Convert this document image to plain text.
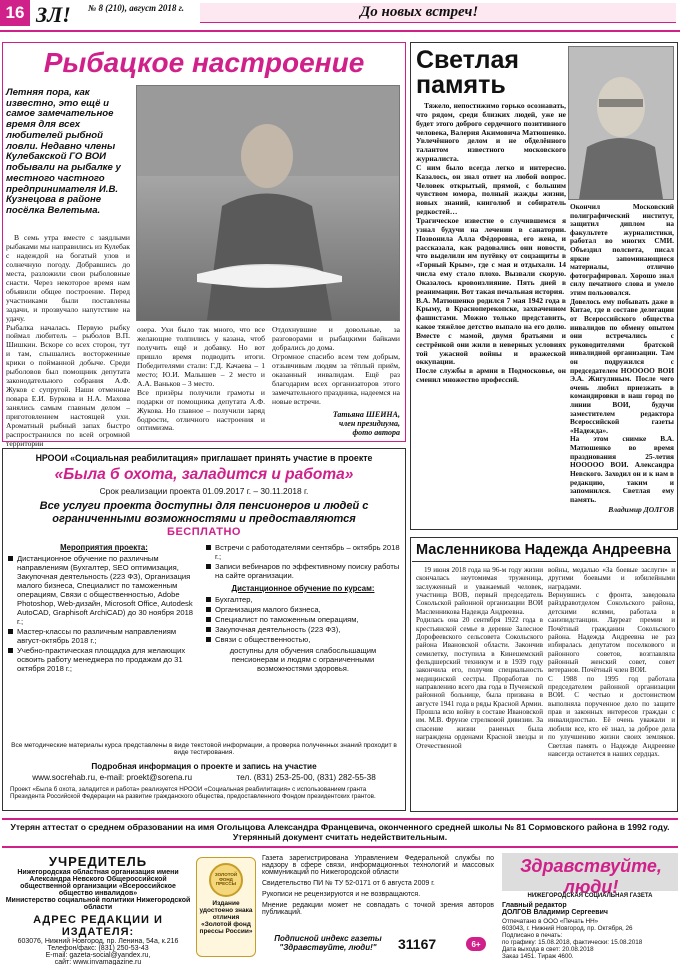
16 ЗЛ! № 8 (210), август 2018 г.	До новых встреч!
Рыбацкое настроение
Летняя пора, как известно, это ещё и самое замечательное время для всех любителей рыбной ловли. Недавно члены Кулебакской ГО ВОИ побывали на рыбалке у местного частного предпринимателя И.В. Кузнецова в районе посёлка Велетьма.

В семь утра вместе с заядлыми рыбаками мы направились из Кулебак с надеждой на богатый улов и солнечную погоду. Добравшись до места, разложили свои рыболовные снасти. Через некоторое время нам объявили общее построение. Перед участниками были поставлены задачи, и прозвучало напутствие на удачу.
Рыбалка началась. Первую рыбку поймал любитель – рыболов В.П. Шишкин. Вскоре со всех сторон, тут и там, слышались восторженные крики о пойманной добыче. Среди рыболовов был помощник депутата законодательного собрания А.Ф. Жуков с супругой. Наши отменные повара Е.И. Буркова и Н.А. Махова занялись самым главным делом – приготовлением настоящей ухи. Ароматный рыбный запах быстро распространился по всей огромной территории

озера. Ухи было так много, что все желающие толпились у казана, чтоб получить ещё и добавку. Но вот пришло время подводить итоги. Победителями стали: Г.Д. Качаева – 1 место; Ю.И. Малышев – 2 место и А.А. Ваньков – 3 место.
Все призёры получили грамоты и подарки от помощника депутата А.Ф. Жукова. Но главное – получили заряд бодрости, отличного настроения и оптимизма.

Отдохнувшие и довольные, за разговорами и рыбацкими байками добрались до дома.
Огромное спасибо всем тем добрым, отзывчивым людям за тёплый приём, оказанный инвалидам. Ещё раз благодарим всех организаторов этого замечательного праздника, надеемся на новые встречи.

Татьяна ШЕИНА,
член президиума,
фото автора

Светлая память

Тяжело, непостижимо горько осознавать, что рядом, среди близких людей, уже не будет этого доброго сердечного позитивного человека, Валерия Акимовича Матюшенко. Увлечённого делом и не обделённого талантом известного московского журналиста.
С ним было всегда легко и интересно. Казалось, он знал ответ на любой вопрос. Человек открытый, прямой, с большим чувством юмора, полный жажды жизни, новых знаний, книголюб и собиратель редкостей…
Трагическое известие о случившемся я узнал будучи на лечении в санатории. Позвонила Алла Фёдоровна, его жена, и рассказала, как радовались они новости, что выделили им путёвку от соцзащиты в «Горный Крым», где с мая и отдыхали. 14 числа ему стало плохо. Вызвали скорую. Оказалось кровоизлияние. Пять дней в реанимации. Вот такая печальная история.
В.А. Матюшенко родился 7 мая 1942 года в Крыму, в Красноперекопске, захваченном фашистами. Можно только представить, какое тяжёлое детство выпало на его долю. Вместе с мамой, двумя братьями и сестрёнкой они жили в неверных условиях той ужасной войны и вражеской оккупации.
После службы в армии в Подмосковье, он сменил множество профессий.

Окончил Московский полиграфический институт, защитил диплом на факультете журналистики, работал во многих СМИ. Объездил полсвета, писал яркие запоминающиеся материалы, отлично фотографировал. Хорошо знал силу печатного слова и умело этим пользовался.
Довелось ему побывать даже в Китае, где в составе делегации от Всероссийского общества инвалидов по обмену опытом они встречались с руководителями братской инвалидной организации. Там он подружился с председателем НООООО ВОИ Э.А. Жигулиным. После чего очень любил приезжать в командировки в наш город по линии ВОИ, будучи заместителем редактора Всероссийской газеты «Надежда».
На этом снимке В.А. Матюшенко во время празднования 25-летия НООООО ВОИ. Александра Невского. Заходил он и к нам в редакцию, таким и запомнился. Светлая ему память.

Владимир ДОЛГОВ

НРООИ «Социальная реабилитация» приглашает принять участие в проекте
«Была б охота, заладится и работа»
Срок реализации проекта 01.09.2017 г. – 30.11.2018 г.
Все услуги проекта доступны для пенсионеров и людей с ограниченными возможностями и предоставляются
БЕСПЛАТНО
Мероприятия проекта:
Дистанционное обучение по различным направлениям (Бухгалтер, SEO оптимизация, Закупочная деятельность (223 ФЗ), Организация малого бизнеса, Специалист по таможенным операциям, Связи с общественностью, Adobe Photoshop, Web-дизайн, Microsoft Office, Autodesk AutoCAD, Graphisoft ArchiCAD) до 30 ноября 2018 г.;
Мастер-классы по различным направлениям август-октябрь 2018 г.;
Учебно-практическая площадка для желающих освоить работу менеджера по продажам до 31 октября 2018 г.;
Встречи с работодателями сентябрь – октябрь 2018 г.;
Записи вебинаров по эффективному поиску работы на сайте организации.
Дистанционное обучение по курсам:
Бухгалтер,
Организация малого бизнеса,
Специалист по таможенным операциям,
Закупочная деятельность (223 ФЗ),
Связи с общественностью,

доступны для обучения слабослышащим пенсионерам и людям с ограниченными возможностями здоровья.

Все методические материалы курса представлены в виде текстовой информации, а проверка полученных знаний проходит в виде тестирования.
Подробная информация о проекте и запись на участие
www.socrehab.ru, e-mail: proekt@sorena.ru	тел. (831) 253-25-00, (831) 282-55-38
Проект «Была б охота, заладится и работа» реализуется НРООИ «Социальная реабилитация» с использованием гранта Президента Российской Федерации на развитие гражданского общества, предоставленного Фондом президентских грантов.
Масленникова Надежда Андреевна

19 июня 2018 года на 96-м году жизни скончалась неутомимая труженица, заслуженный и уважаемый человек, участница ВОВ, первый председатель Сокольской районной организации ВОИ Масленникова Надежда Андреевна.
Родилась она 20 сентября 1922 года в крестьянской семье в деревне Залесное Дорофеевского сельсовета Сокольского района Ивановской области. Закончив семилетку, поступила в Кинешемский фельдшерский техникум и в 1939 году закончила его, получив специальность медицинской сестры. Проработав по направлению всего два года в Пучежской районной больнице, была призвана в августе 1941 года в ряды Красной Армии. Прошла всю войну в составе Ивановской им. М.В. Фрунзе стрелковой дивизии. За спасение жизни раненых была награждена орденами Красной звезды и Отечественной

войны, медалью «За боевые заслуги» и другими боевыми и юбилейными наградами.
Вернувшись с фронта, заведовала райздравотделом Сокольского района, детскими яслями, работала в санэпидстанции. Лауреат премии и Почётный гражданин Сокольского района. Надежда Андреевна не раз избиралась депутатом поселкового и районного советов, возглавляла районный женский совет, совет ветеранов. Почётный член ВОИ.
С 1988 по 1995 год работала председателем районной организации ВОИ. С честью и достоинством выполняла порученное дело по защите прав и законных интересов граждан с инвалидностью. Её очень уважали и любили все, кто её знал, за доброе дела по улучшению жизни своих земляков. Светлая память о Надежде Андреевне навсегда останется в наших сердцах.

Утерян аттестат о среднем образовании на имя Оголыцова Александра Францевича, оконченного средней школы № 81 Сормовского района в 1992 году. Утерянный документ считать недействительным.
УЧРЕДИТЕЛЬ
Нижегородская областная организация имени Александра Невского Общероссийской общественной организации «Всероссийское общество инвалидов»
Министерство социальной политики Нижегородской области
АДРЕС РЕДАКЦИИ И ИЗДАТЕЛЯ:
603076, Нижний Новгород, пр. Ленина, 54а, к.216
Телефон/факс: (831) 250-53-43
E-mail: gazeta-social@yandex.ru,
сайт: www.invamagazine.ru
ЗОЛОТОЙ ФОНД ПРЕССЫ
Издание удостоено знака отличия «Золотой фонд прессы России»

Газета зарегистрирована Управлением Федеральной службы по надзору в сфере связи, информационных технологий и массовых коммуникаций по Нижегородской области

Свидетельство ПИ № ТУ 52-0171 от 6 августа 2009 г.

Рукописи не рецензируются и не возвращаются.

Мнение редакции может не совпадать с точкой зрения авторов публикаций.

Подписной индекс газеты
"Здравствуйте, люди!"	31167	6+
Здравствуйте, люди!
НИЖЕГОРОДСКАЯ СОЦИАЛЬНАЯ ГАЗЕТА
Главный редактор
ДОЛГОВ Владимир Сергеевич
Отпечатано в ООО «Печать НН»
603043, г. Нижний Новгород, пр. Октября, 26
Подписано в печать:
по графику: 15.08.2018, фактически: 15.08.2018
Дата выхода в свет: 20.08.2018
Заказ 1451. Тираж 4600.
